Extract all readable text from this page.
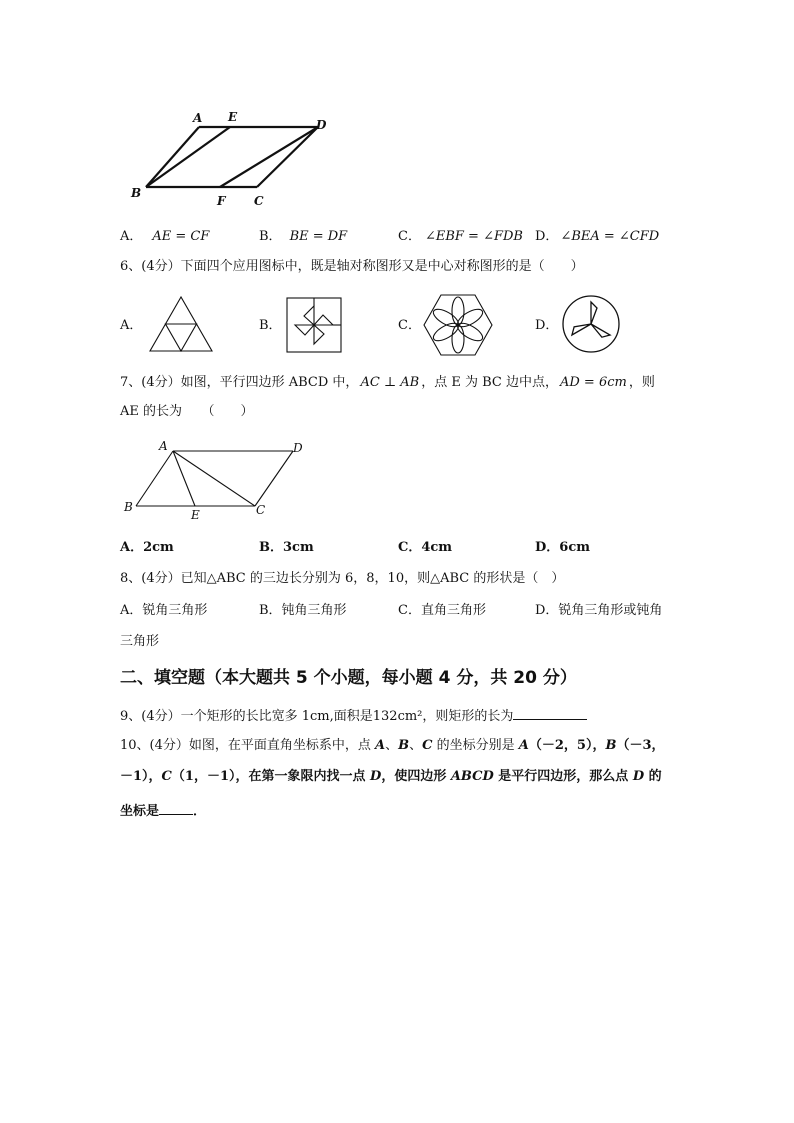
A E
D
B
F C
A． AE = CF	B． BE = DF	C． ∠EBF = ∠FDB D． ∠BEA = ∠CFD
6、(4分）下面四个应用图标中，既是轴对称图形又是中心对称图形的是（　　）
A．	B．	C．	D．
7、(4分）如图，平行四边形 ABCD 中， AC ⊥ AB ，点 E 为 BC 边中点， AD = 6cm ，则
AE 的长为　　（　　）
A	D
B
E	C
A．2cm	B．3cm	C．4cm	D．6cm
8、(4分）已知△ABC 的三边长分别为 6，8，10，则△ABC 的形状是（　）
A．锐角三角形	B．钝角三角形	C．直角三角形	D．锐角三角形或钝角
三角形
二、填空题（本大题共 5 个小题，每小题 4 分，共 20 分）
9、(4分）一个矩形的长比宽多 1cm,面积是132cm²，则矩形的长为
10、(4分）如图，在平面直角坐标系中，点 A、B、C 的坐标分别是 A（－2，5），B（－3，
－1），C（1，－1），在第一象限内找一点 D，使四边形 ABCD 是平行四边形，那么点 D 的
坐标是	．
